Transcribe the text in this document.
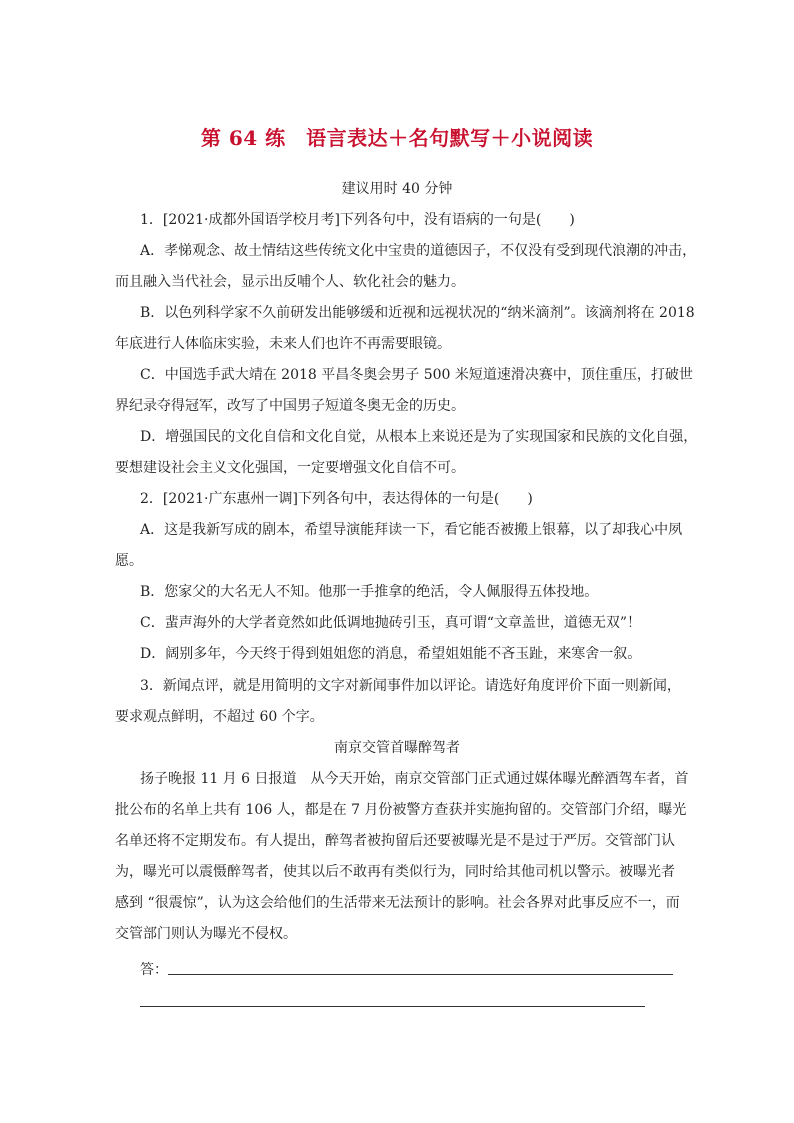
第 64 练　语言表达＋名句默写＋小说阅读
建议用时 40 分钟
1．[2021·成都外国语学校月考]下列各句中，没有语病的一句是(　　)
A．孝悌观念、故土情结这些传统文化中宝贵的道德因子，不仅没有受到现代浪潮的冲击，
而且融入当代社会，显示出反哺个人、软化社会的魅力。
B．以色列科学家不久前研发出能够缓和近视和远视状况的“纳米滴剂”。该滴剂将在 2018
年底进行人体临床实验，未来人们也许不再需要眼镜。
C．中国选手武大靖在 2018 平昌冬奥会男子 500 米短道速滑决赛中，顶住重压，打破世
界纪录夺得冠军，改写了中国男子短道冬奥无金的历史。
D．增强国民的文化自信和文化自觉，从根本上来说还是为了实现国家和民族的文化自强，
要想建设社会主义文化强国，一定要增强文化自信不可。
2．[2021·广东惠州一调]下列各句中，表达得体的一句是(　　)
A．这是我新写成的剧本，希望导演能拜读一下，看它能否被搬上银幕，以了却我心中夙
愿。
B．您家父的大名无人不知。他那一手推拿的绝活，令人佩服得五体投地。
C．蜚声海外的大学者竟然如此低调地抛砖引玉，真可谓“文章盖世，道德无双”！
D．阔别多年，今天终于得到姐姐您的消息，希望姐姐能不吝玉趾，来寒舍一叙。
3．新闻点评，就是用简明的文字对新闻事件加以评论。请选好角度评价下面一则新闻，
要求观点鲜明，不超过 60 个字。
南京交管首曝醉驾者
扬子晚报 11 月 6 日报道　从今天开始，南京交管部门正式通过媒体曝光醉酒驾车者，首
批公布的名单上共有 106 人，都是在 7 月份被警方查获并实施拘留的。交管部门介绍，曝光
名单还将不定期发布。有人提出，醉驾者被拘留后还要被曝光是不是过于严厉。交管部门认
为，曝光可以震慑醉驾者，使其以后不敢再有类似行为，同时给其他司机以警示。被曝光者
感到 “很震惊”，认为这会给他们的生活带来无法预计的影响。社会各界对此事反应不一，而
交管部门则认为曝光不侵权。
答：
